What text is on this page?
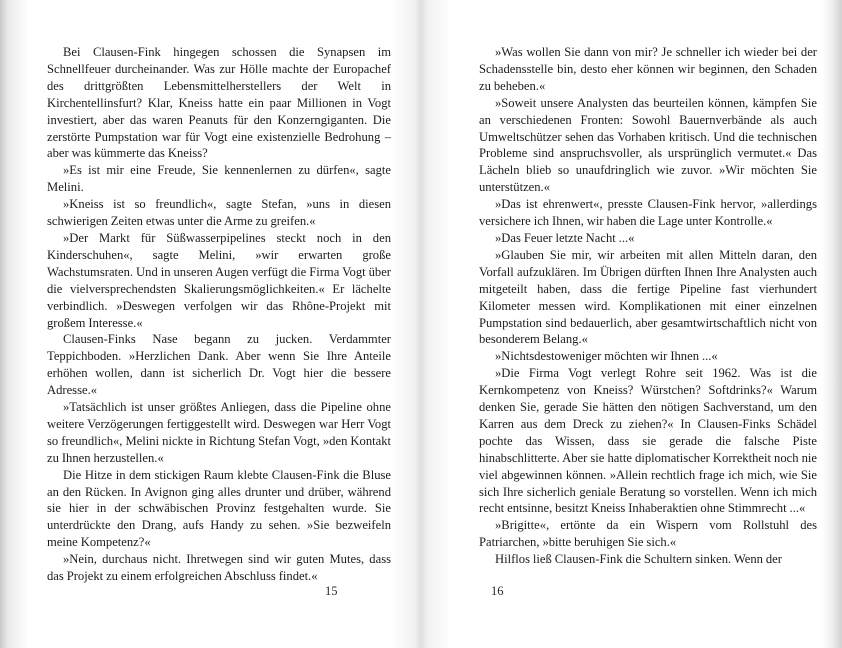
Bei Clausen-Fink hingegen schossen die Synapsen im Schnellfeuer durcheinander. Was zur Hölle machte der Europachef des drittgrößten Lebensmittelherstellers der Welt in Kirchentellinsfurt? Klar, Kneiss hatte ein paar Millionen in Vogt investiert, aber das waren Peanuts für den Konzerngiganten. Die zerstörte Pumpstation war für Vogt eine existenzielle Bedrohung – aber was kümmerte das Kneiss?

»Es ist mir eine Freude, Sie kennenlernen zu dürfen«, sagte Melini.

»Kneiss ist so freundlich«, sagte Stefan, »uns in diesen schwierigen Zeiten etwas unter die Arme zu greifen.«

»Der Markt für Süßwasserpipelines steckt noch in den Kinderschuhen«, sagte Melini, »wir erwarten große Wachstumsraten. Und in unseren Augen verfügt die Firma Vogt über die vielversprechendsten Skalierungsmöglichkeiten.« Er lächelte verbindlich. »Deswegen verfolgen wir das Rhône-Projekt mit großem Interesse.«

Clausen-Finks Nase begann zu jucken. Verdammter Teppichboden. »Herzlichen Dank. Aber wenn Sie Ihre Anteile erhöhen wollen, dann ist sicherlich Dr. Vogt hier die bessere Adresse.«

»Tatsächlich ist unser größtes Anliegen, dass die Pipeline ohne weitere Verzögerungen fertiggestellt wird. Deswegen war Herr Vogt so freundlich«, Melini nickte in Richtung Stefan Vogt, »den Kontakt zu Ihnen herzustellen.«

Die Hitze in dem stickigen Raum klebte Clausen-Fink die Bluse an den Rücken. In Avignon ging alles drunter und drüber, während sie hier in der schwäbischen Provinz festgehalten wurde. Sie unterdrückte den Drang, aufs Handy zu sehen. »Sie bezweifeln meine Kompetenz?«

»Nein, durchaus nicht. Ihretwegen sind wir guten Mutes, dass das Projekt zu einem erfolgreichen Abschluss findet.«

15

»Was wollen Sie dann von mir? Je schneller ich wieder bei der Schadensstelle bin, desto eher können wir beginnen, den Schaden zu beheben.«

»Soweit unsere Analysten das beurteilen können, kämpfen Sie an verschiedenen Fronten: Sowohl Bauernverbände als auch Umweltschützer sehen das Vorhaben kritisch. Und die technischen Probleme sind anspruchsvoller, als ursprünglich vermutet.« Das Lächeln blieb so unaufdringlich wie zuvor. »Wir möchten Sie unterstützen.«

»Das ist ehrenwert«, presste Clausen-Fink hervor, »allerdings versichere ich Ihnen, wir haben die Lage unter Kontrolle.«

»Das Feuer letzte Nacht ...«

»Glauben Sie mir, wir arbeiten mit allen Mitteln daran, den Vorfall aufzuklären. Im Übrigen dürften Ihnen Ihre Analysten auch mitgeteilt haben, dass die fertige Pipeline fast vierhundert Kilometer messen wird. Komplikationen mit einer einzelnen Pumpstation sind bedauerlich, aber gesamtwirtschaftlich nicht von besonderem Belang.«

»Nichtsdestoweniger möchten wir Ihnen ...«

»Die Firma Vogt verlegt Rohre seit 1962. Was ist die Kernkompetenz von Kneiss? Würstchen? Softdrinks?« Warum denken Sie, gerade Sie hätten den nötigen Sachverstand, um den Karren aus dem Dreck zu ziehen?« In Clausen-Finks Schädel pochte das Wissen, dass sie gerade die falsche Piste hinabschlitterte. Aber sie hatte diplomatischer Korrektheit noch nie viel abgewinnen können. »Allein rechtlich frage ich mich, wie Sie sich Ihre sicherlich geniale Beratung so vorstellen. Wenn ich mich recht entsinne, besitzt Kneiss Inhaberaktien ohne Stimmrecht ...«

»Brigitte«, ertönte da ein Wispern vom Rollstuhl des Patriarchen, »bitte beruhigen Sie sich.«

Hilflos ließ Clausen-Fink die Schultern sinken. Wenn der

16
